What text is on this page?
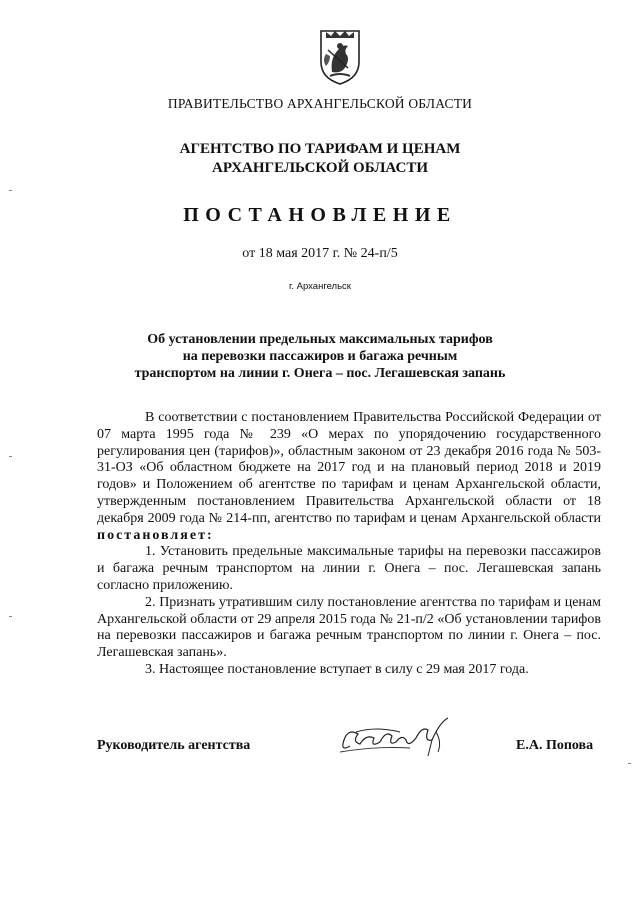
ПРАВИТЕЛЬСТВО АРХАНГЕЛЬСКОЙ ОБЛАСТИ
АГЕНТСТВО ПО ТАРИФАМ И ЦЕНАМ
АРХАНГЕЛЬСКОЙ ОБЛАСТИ
ПОСТАНОВЛЕНИЕ
от 18 мая 2017 г. № 24-п/5
г. Архангельск
Об установлении предельных максимальных тарифов
на перевозки пассажиров и багажа речным
транспортом на линии г. Онега – пос. Легашевская запань

В соответствии с постановлением Правительства Российской Федерации от 07 марта 1995 года № 239 «О мерах по упорядочению государственного регулирования цен (тарифов)», областным законом от 23 декабря 2016 года № 503-31-ОЗ «Об областном бюджете на 2017 год и на плановый период 2018 и 2019 годов» и Положением об агентстве по тарифам и ценам Архангельской области, утвержденным постановлением Правительства Архангельской области от 18 декабря 2009 года № 214-пп, агентство по тарифам и ценам Архангельской области постановляет:

1. Установить предельные максимальные тарифы на перевозки пассажиров и багажа речным транспортом на линии г. Онега – пос. Легашевская запань согласно приложению.

2. Признать утратившим силу постановление агентства по тарифам и ценам Архангельской области от 29 апреля 2015 года № 21-п/2 «Об установлении тарифов на перевозки пассажиров и багажа речным транспортом по линии г. Онега – пос. Легашевская запань».

3. Настоящее постановление вступает в силу с 29 мая 2017 года.

Руководитель агентства	Е.А. Попова
